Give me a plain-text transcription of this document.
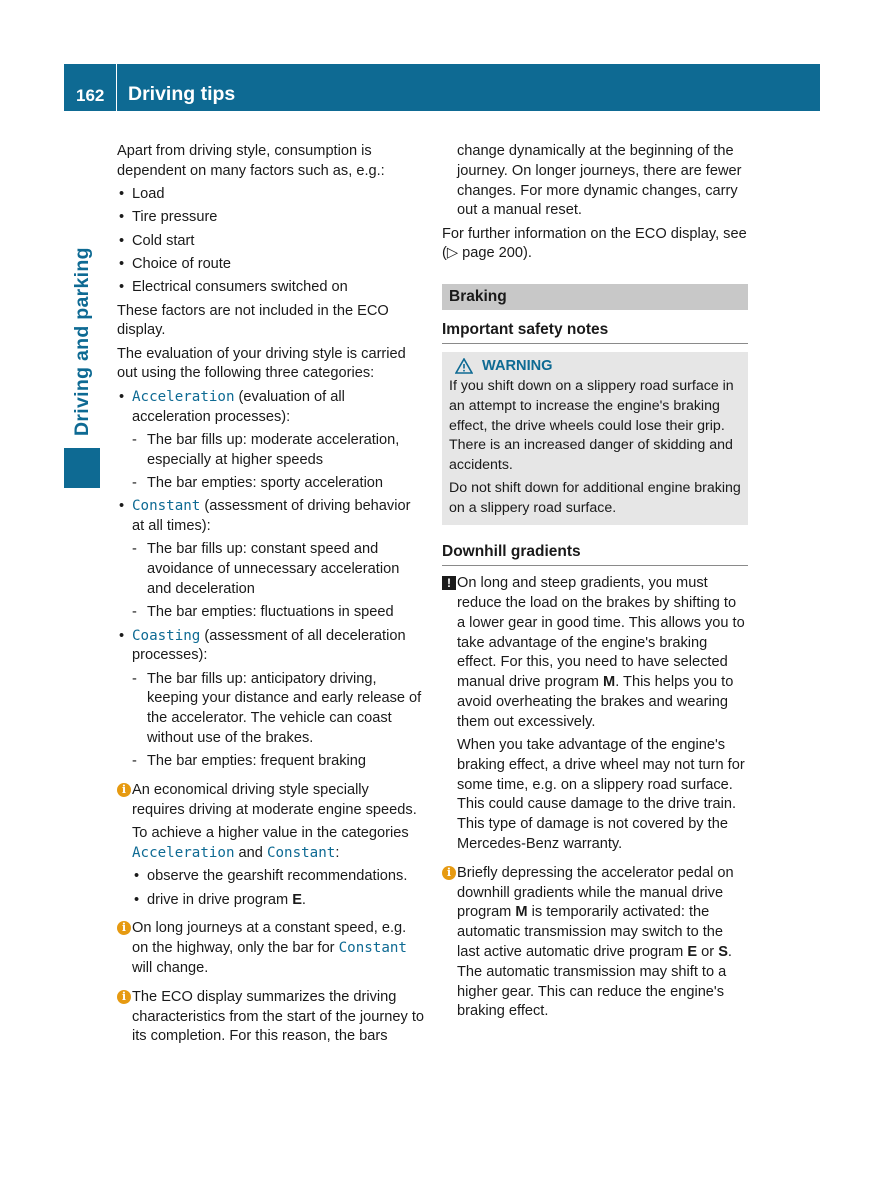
162	Driving tips
Driving and parking

Apart from driving style, consumption is dependent on many factors such as, e.g.:

• Load
• Tire pressure
• Cold start
• Choice of route
• Electrical consumers switched on

These factors are not included in the ECO display.

The evaluation of your driving style is carried out using the following three categories:

• Acceleration (evaluation of all acceleration processes):
- The bar fills up: moderate acceleration, especially at higher speeds
- The bar empties: sporty acceleration
• Constant (assessment of driving behavior at all times):
- The bar fills up: constant speed and avoidance of unnecessary acceleration and deceleration
- The bar empties: fluctuations in speed
• Coasting (assessment of all deceleration processes):
- The bar fills up: anticipatory driving, keeping your distance and early release of the accelerator. The vehicle can coast without use of the brakes.
- The bar empties: frequent braking
i An economical driving style specially requires driving at moderate engine speeds.

To achieve a higher value in the categories Acceleration and Constant:

• observe the gearshift recommendations.
• drive in drive program E.
i On long journeys at a constant speed, e.g. on the highway, only the bar for Constant will change.

i The ECO display summarizes the driving characteristics from the start of the journey to its completion. For this reason, the bars

change dynamically at the beginning of the journey. On longer journeys, there are fewer changes. For more dynamic changes, carry out a manual reset.

For further information on the ECO display, see (▷ page 200).

Braking
Important safety notes
WARNING

If you shift down on a slippery road surface in an attempt to increase the engine's braking effect, the drive wheels could lose their grip. There is an increased danger of skidding and accidents.

Do not shift down for additional engine braking on a slippery road surface.

Downhill gradients
! On long and steep gradients, you must reduce the load on the brakes by shifting to a lower gear in good time. This allows you to take advantage of the engine's braking effect. For this, you need to have selected manual drive program M. This helps you to avoid overheating the brakes and wearing them out excessively.

When you take advantage of the engine's braking effect, a drive wheel may not turn for some time, e.g. on a slippery road surface. This could cause damage to the drive train. This type of damage is not covered by the Mercedes-Benz warranty.

i Briefly depressing the accelerator pedal on downhill gradients while the manual drive program M is temporarily activated: the automatic transmission may switch to the last active automatic drive program E or S. The automatic transmission may shift to a higher gear. This can reduce the engine's braking effect.
